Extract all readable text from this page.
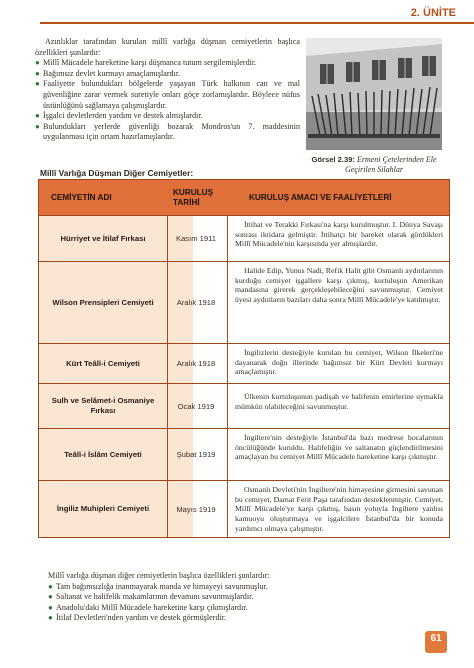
2. ÜNİTE

Azınlıklar tarafından kurulan millî varlığa düşman cemiyetlerin başlıca özellikleri şunlardır:

● Millî Mücadele hareketine karşı düşmanca tutum sergilemişlerdir.
● Bağımsız devlet kurmayı amaçlamışlardır.
● Faaliyette bulundukları bölgelerde yaşayan Türk halkının can ve mal güvenliğine zarar vermek suretiyle onları göçe zorlamışlardır. Böylece nüfus üstünlüğünü sağlamaya çalışmışlardır.
● İşgalci devletlerden yardım ve destek almışlardır.
● Bulundukları yerlerde güvenliği bozarak Mondros'un 7. maddesinin uygulanması için ortam hazırlamışlardır.
Görsel 2.39: Ermeni Çetelerinden Ele Geçirilen Silahlar
Millî Varlığa Düşman Diğer Cemiyetler:
CEMİYETİN ADI
KURULUŞ TARİHİ
KURULUŞ AMACI VE FAALİYETLERİ
Hürriyet ve İtilaf Fırkası	Kasım 1911

İttihat ve Terakki Fırkası'na karşı kurulmuştur. I. Dünya Savaşı sonrası iktidara gelmiştir. İttihatçı bir hareket olarak gördükleri Millî Mücadele'nin karşısında yer almışlardır.

Wilson Prensipleri Cemiyeti	Aralık 1918

Halide Edip, Yunus Nadi, Refik Halit gibi Osmanlı aydınlarının kurduğu cemiyet işgallere karşı çıkmış, kurtuluşun Amerikan mandasına girerek gerçekleşebileceğini savunmuştur. Cemiyet üyesi aydınların bazıları daha sonra Millî Mücadele'ye katılmıştır.

Kürt Teâlî-i Cemiyeti	Aralık 1918

İngilizlerin desteğiyle kurulan bu cemiyet, Wilson İlkeleri'ne dayanarak doğu illerinde bağımsız bir Kürt Devleti kurmayı amaçlamıştır.

Sulh ve Selâmet-i Osmaniye Fırkası	Ocak 1919

Ülkenin kurtuluşunun padişah ve halifenin emirlerine uymakla mümkün olabileceğini savunmuştur.

Teâlî-i İslâm Cemiyeti	Şubat 1919

İngiltere'nin desteğiyle İstanbul'da bazı medrese hocalarının öncülüğünde kuruldu. Halifeliğin ve saltanatın güçlendirilmesini amaçlayan bu cemiyet Millî Mücadele hareketine karşı çıkmıştır.

İngiliz Muhipleri Cemiyeti	Mayıs 1919

Osmanlı Devleti'nin İngiltere'nin himayesine girmesini savunan bu cemiyet, Damat Ferit Paşa tarafından desteklenmiştir. Cemiyet, Millî Mücadele'ye karşı çıkmış, basın yoluyla İngiltere yanlısı kamuoyu oluşturmaya ve işgalcilere İstanbul'da bir konuda yardımcı olmaya çalışmıştır.

Millî varlığa düşman diğer cemiyetlerin başlıca özellikleri şunlardır:

● Tam bağımsızlığa inanmayarak manda ve himayeyi savunmuşlur.
● Saltanat ve halifelik makamlarının devamını savunmuşlardır.
● Anadolu'daki Millî Mücadele hareketine karşı çıkmışlardır.
● İtilaf Devletleri'nden yardım ve destek görmüşlerdir.
61
